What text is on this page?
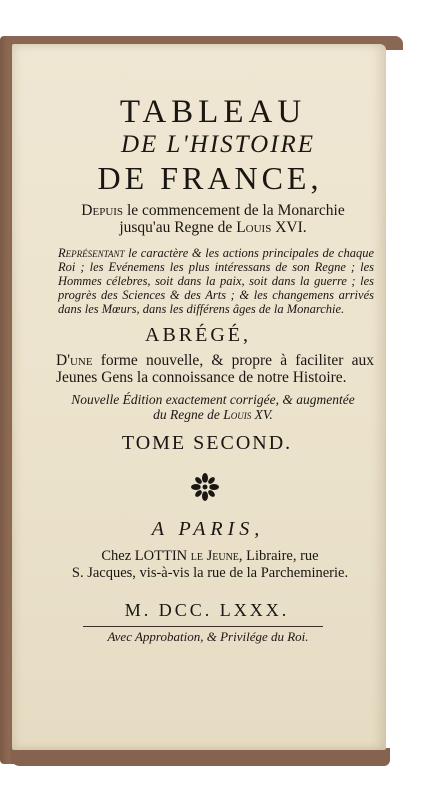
TABLEAU
DE L'HISTOIRE
DE FRANCE,
Depuis le commencement de la Monarchie
jusqu'au Regne de Louis XVI.
Représentant le caractère & les actions principales de chaque Roi ; les Evénemens les plus intéressans de son Regne ; les Hommes célebres, soit dans la paix, soit dans la guerre ; les progrès des Sciences & des Arts ; & les changemens arrivés dans les Mœurs, dans les différens âges de la Monarchie.
ABRÉGÉ,
D'une forme nouvelle, & propre à faciliter aux Jeunes Gens la connoissance de notre Histoire.
Nouvelle Édition exactement corrigée, & augmentée
du Regne de Louis XV.
TOME SECOND.
A PARIS,
Chez LOTTIN le Jeune, Libraire, rue
S. Jacques, vis-à-vis la rue de la Parcheminerie.
M. DCC. LXXX.
Avec Approbation, & Privilége du Roi.
